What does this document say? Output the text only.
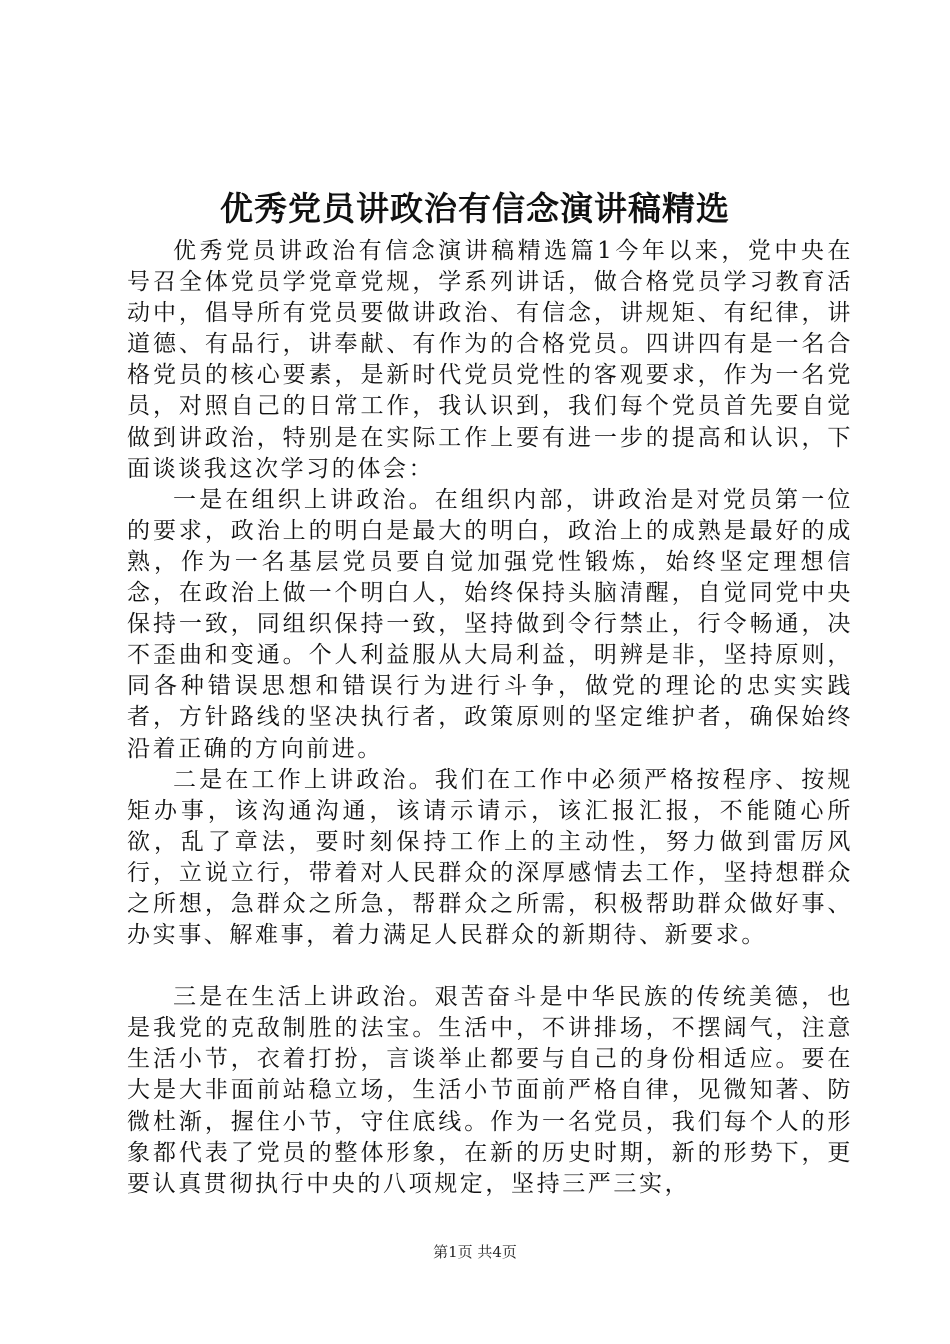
优秀党员讲政治有信念演讲稿精选

优秀党员讲政治有信念演讲稿精选篇1今年以来，党中央在号召全体党员学党章党规，学系列讲话，做合格党员学习教育活动中，倡导所有党员要做讲政治、有信念，讲规矩、有纪律，讲道德、有品行，讲奉献、有作为的合格党员。四讲四有是一名合格党员的核心要素，是新时代党员党性的客观要求，作为一名党员，对照自己的日常工作，我认识到，我们每个党员首先要自觉做到讲政治，特别是在实际工作上要有进一步的提高和认识，下面谈谈我这次学习的体会：

一是在组织上讲政治。在组织内部，讲政治是对党员第一位的要求，政治上的明白是最大的明白，政治上的成熟是最好的成熟，作为一名基层党员要自觉加强党性锻炼，始终坚定理想信念，在政治上做一个明白人，始终保持头脑清醒，自觉同党中央保持一致，同组织保持一致，坚持做到令行禁止，行令畅通，决不歪曲和变通。个人利益服从大局利益，明辨是非，坚持原则，同各种错误思想和错误行为进行斗争，做党的理论的忠实实践者，方针路线的坚决执行者，政策原则的坚定维护者，确保始终沿着正确的方向前进。

二是在工作上讲政治。我们在工作中必须严格按程序、按规矩办事，该沟通沟通，该请示请示，该汇报汇报，不能随心所欲，乱了章法，要时刻保持工作上的主动性，努力做到雷厉风行，立说立行，带着对人民群众的深厚感情去工作，坚持想群众之所想，急群众之所急，帮群众之所需，积极帮助群众做好事、办实事、解难事，着力满足人民群众的新期待、新要求。

三是在生活上讲政治。艰苦奋斗是中华民族的传统美德，也是我党的克敌制胜的法宝。生活中，不讲排场，不摆阔气，注意生活小节，衣着打扮，言谈举止都要与自己的身份相适应。要在大是大非面前站稳立场，生活小节面前严格自律，见微知著、防微杜渐，握住小节，守住底线。作为一名党员，我们每个人的形象都代表了党员的整体形象，在新的历史时期，新的形势下，更要认真贯彻执行中央的八项规定，坚持三严三实，

第1页 共4页
